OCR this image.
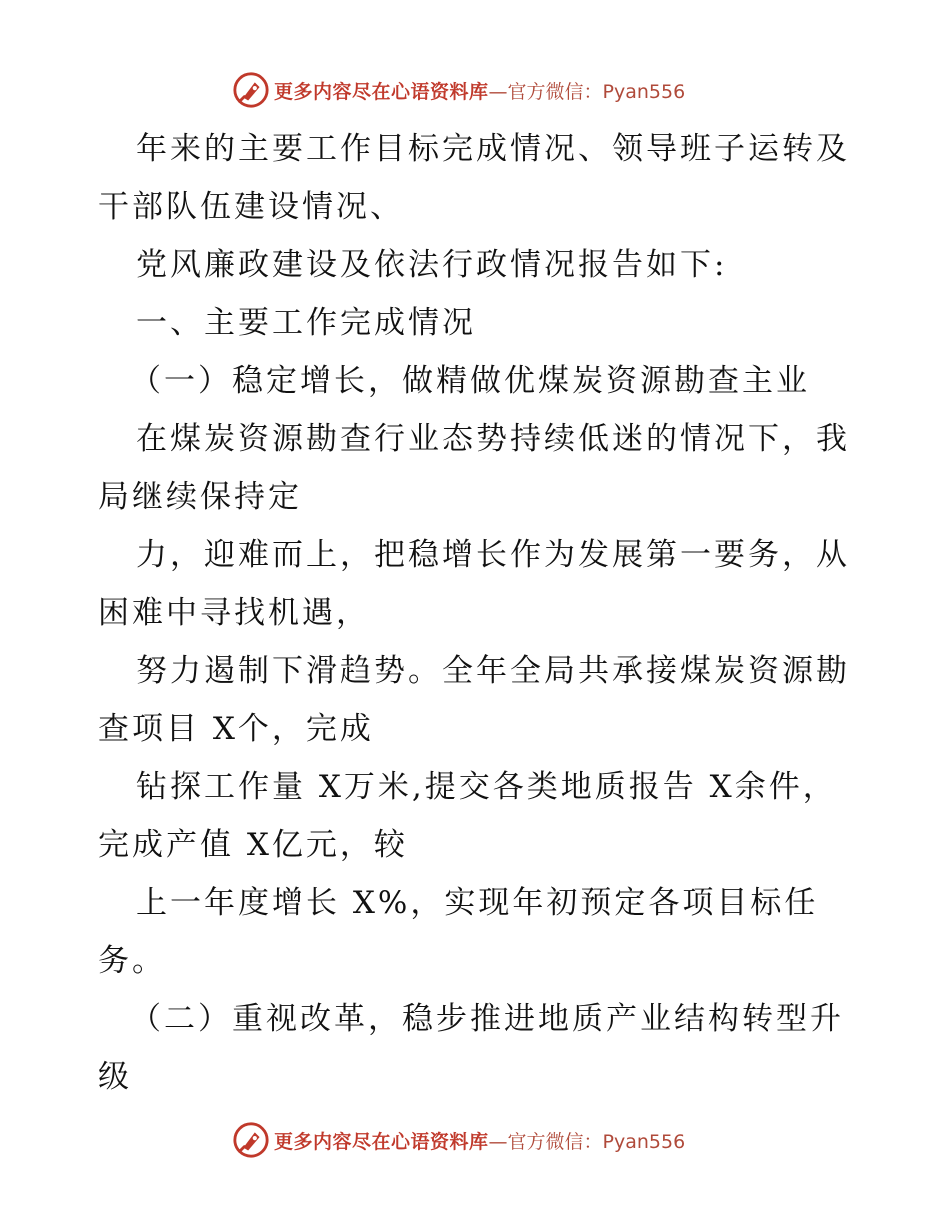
更多内容尽在心语资料库 —官方微信：Pyan556
年来的主要工作目标完成情况、领导班子运转及
干部队伍建设情况、
党风廉政建设及依法行政情况报告如下:
一、主要工作完成情况
（一）稳定增长，做精做优煤炭资源勘查主业
在煤炭资源勘查行业态势持续低迷的情况下，我
局继续保持定
力，迎难而上，把稳增长作为发展第一要务，从
困难中寻找机遇，
努力遏制下滑趋势。全年全局共承接煤炭资源勘
查项目 X个，完成
钻探工作量 X万米,提交各类地质报告 X余件，
完成产值 X亿元，较
上一年度增长 X%，实现年初预定各项目标任
务。
（二）重视改革，稳步推进地质产业结构转型升
级
更多内容尽在心语资料库 —官方微信：Pyan556
